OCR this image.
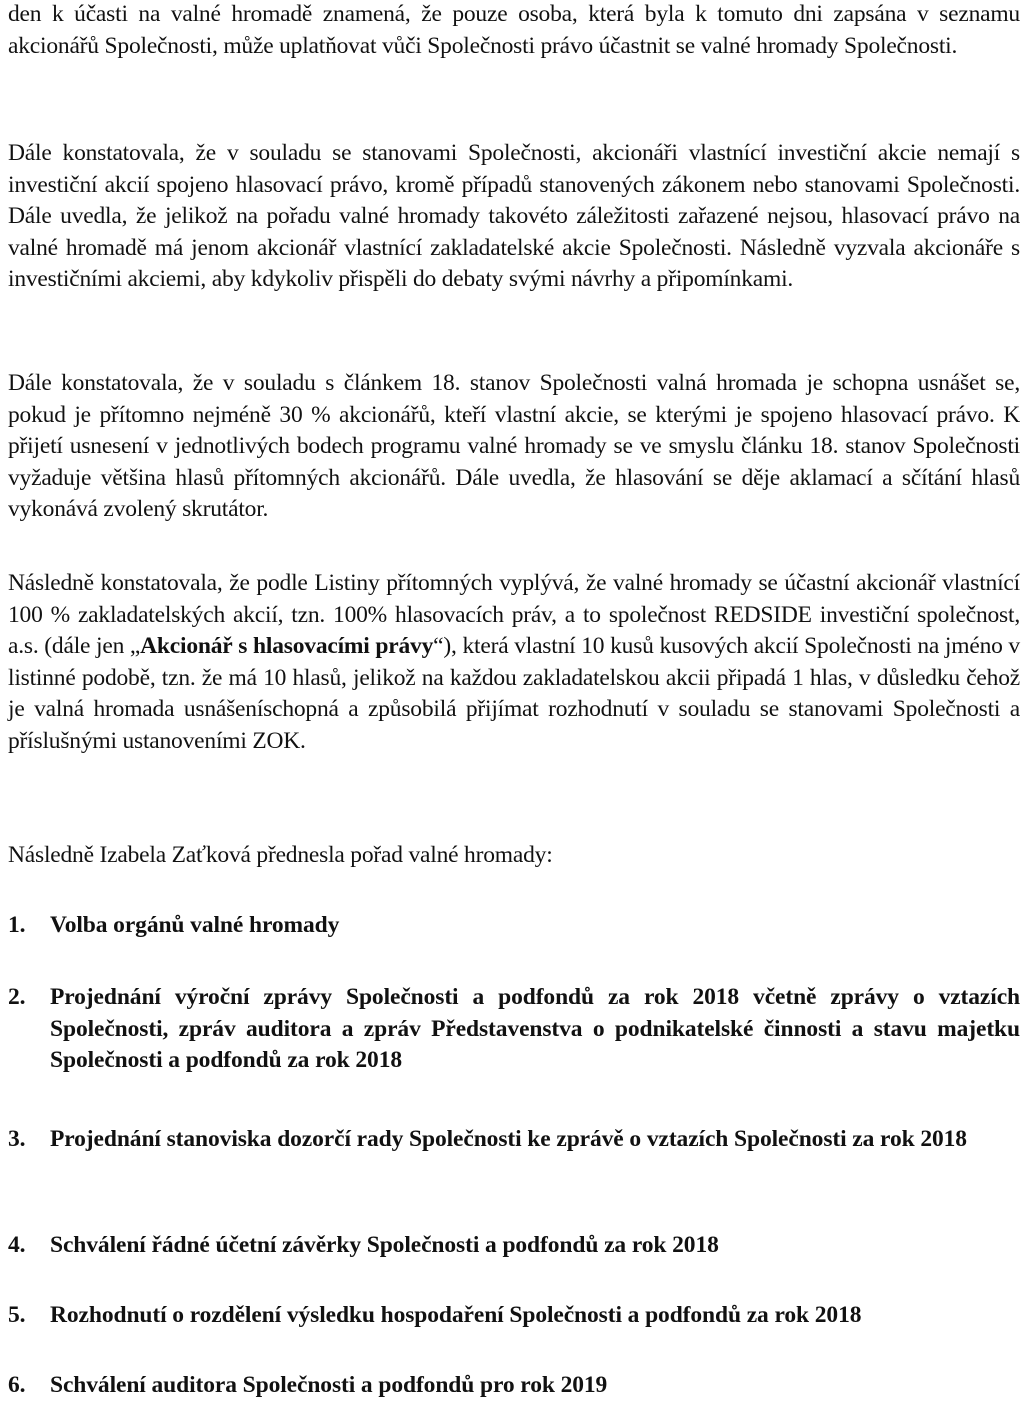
den k účasti na valné hromadě znamená, že pouze osoba, která byla k tomuto dni zapsána v seznamu akcionářů Společnosti, může uplatňovat vůči Společnosti právo účastnit se valné hromady Společnosti.

Dále konstatovala, že v souladu se stanovami Společnosti, akcionáři vlastnící investiční akcie nemají s investiční akcií spojeno hlasovací právo, kromě případů stanovených zákonem nebo stanovami Společnosti. Dále uvedla, že jelikož na pořadu valné hromady takovéto záležitosti zařazené nejsou, hlasovací právo na valné hromadě má jenom akcionář vlastnící zakladatelské akcie Společnosti. Následně vyzvala akcionáře s investičními akciemi, aby kdykoliv přispěli do debaty svými návrhy a připomínkami.

Dále konstatovala, že v souladu s článkem 18. stanov Společnosti valná hromada je schopna usnášet se, pokud je přítomno nejméně 30 % akcionářů, kteří vlastní akcie, se kterými je spojeno hlasovací právo. K přijetí usnesení v jednotlivých bodech programu valné hromady se ve smyslu článku 18. stanov Společnosti vyžaduje většina hlasů přítomných akcionářů. Dále uvedla, že hlasování se děje aklamací a sčítání hlasů vykonává zvolený skrutátor.

Následně konstatovala, že podle Listiny přítomných vyplývá, že valné hromady se účastní akcionář vlastnící 100 % zakladatelských akcií, tzn. 100% hlasovacích práv, a to společnost REDSIDE investiční společnost, a.s. (dále jen „Akcionář s hlasovacími právy“), která vlastní 10 kusů kusových akcií Společnosti na jméno v listinné podobě, tzn. že má 10 hlasů, jelikož na každou zakladatelskou akcii připadá 1 hlas, v důsledku čehož je valná hromada usnášeníschopná a způsobilá přijímat rozhodnutí v souladu se stanovami Společnosti a příslušnými ustanoveními ZOK.

Následně Izabela Zaťková přednesla pořad valné hromady:

1.	Volba orgánů valné hromady
2.	Projednání výroční zprávy Společnosti a podfondů za rok 2018 včetně zprávy o vztazích Společnosti, zpráv auditora a zpráv Představenstva o podnikatelské činnosti a stavu majetku Společnosti a podfondů za rok 2018
3.	Projednání stanoviska dozorčí rady Společnosti ke zprávě o vztazích Společnosti za rok 2018
4.	Schválení řádné účetní závěrky Společnosti a podfondů za rok 2018
5.	Rozhodnutí o rozdělení výsledku hospodaření Společnosti a podfondů za rok 2018
6.	Schválení auditora Společnosti a podfondů pro rok 2019
